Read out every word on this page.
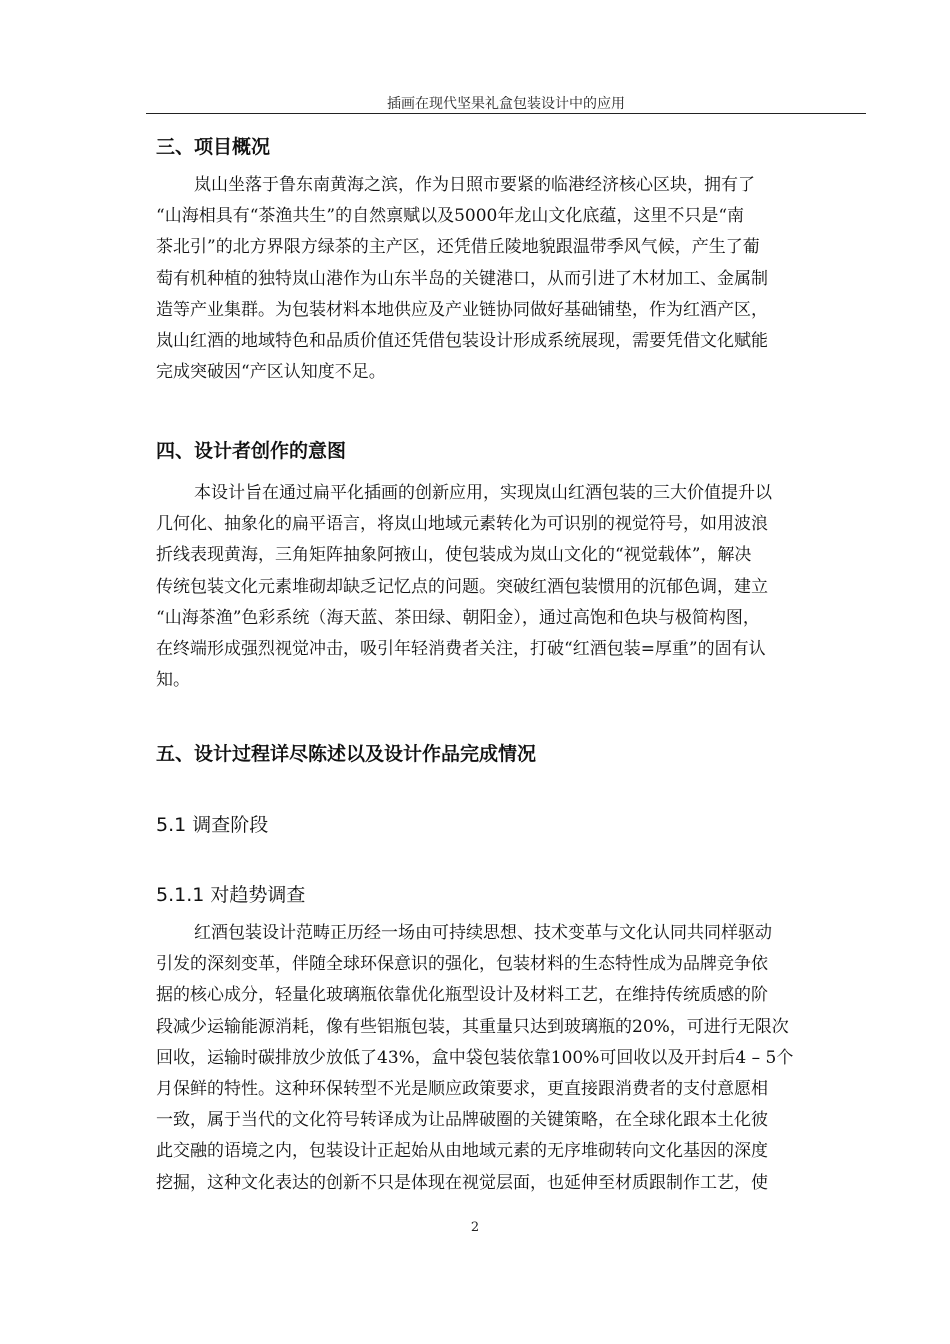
插画在现代坚果礼盒包装设计中的应用
三、项目概况
岚山坐落于鲁东南黄海之滨，作为日照市要紧的临港经济核心区块，拥有了
“山海相具有“茶渔共生”的自然禀赋以及5000年龙山文化底蕴，这里不只是“南
茶北引”的北方界限方绿茶的主产区，还凭借丘陵地貌跟温带季风气候，产生了葡
萄有机种植的独特岚山港作为山东半岛的关键港口，从而引进了木材加工、金属制
造等产业集群。为包装材料本地供应及产业链协同做好基础铺垫，作为红酒产区，
岚山红酒的地域特色和品质价值还凭借包装设计形成系统展现，需要凭借文化赋能
完成突破因“产区认知度不足。
四、设计者创作的意图
本设计旨在通过扁平化插画的创新应用，实现岚山红酒包装的三大价值提升以
几何化、抽象化的扁平语言，将岚山地域元素转化为可识别的视觉符号，如用波浪
折线表现黄海，三角矩阵抽象阿掖山，使包装成为岚山文化的“视觉载体”，解决
传统包装文化元素堆砌却缺乏记忆点的问题。突破红酒包装惯用的沉郁色调，建立
“山海茶渔”色彩系统（海天蓝、茶田绿、朝阳金），通过高饱和色块与极简构图，
在终端形成强烈视觉冲击，吸引年轻消费者关注，打破“红酒包装=厚重”的固有认
知。
五、设计过程详尽陈述以及设计作品完成情况
5.1 调查阶段
5.1.1 对趋势调查
红酒包装设计范畴正历经一场由可持续思想、技术变革与文化认同共同样驱动
引发的深刻变革，伴随全球环保意识的强化，包装材料的生态特性成为品牌竞争依
据的核心成分，轻量化玻璃瓶依靠优化瓶型设计及材料工艺，在维持传统质感的阶
段减少运输能源消耗，像有些铝瓶包装，其重量只达到玻璃瓶的20%，可进行无限次
回收，运输时碳排放少放低了43%，盒中袋包装依靠100%可回收以及开封后4 – 5个
月保鲜的特性。这种环保转型不光是顺应政策要求，更直接跟消费者的支付意愿相
一致，属于当代的文化符号转译成为让品牌破圈的关键策略，在全球化跟本土化彼
此交融的语境之内，包装设计正起始从由地域元素的无序堆砌转向文化基因的深度
挖掘，这种文化表达的创新不只是体现在视觉层面，也延伸至材质跟制作工艺，使
2
